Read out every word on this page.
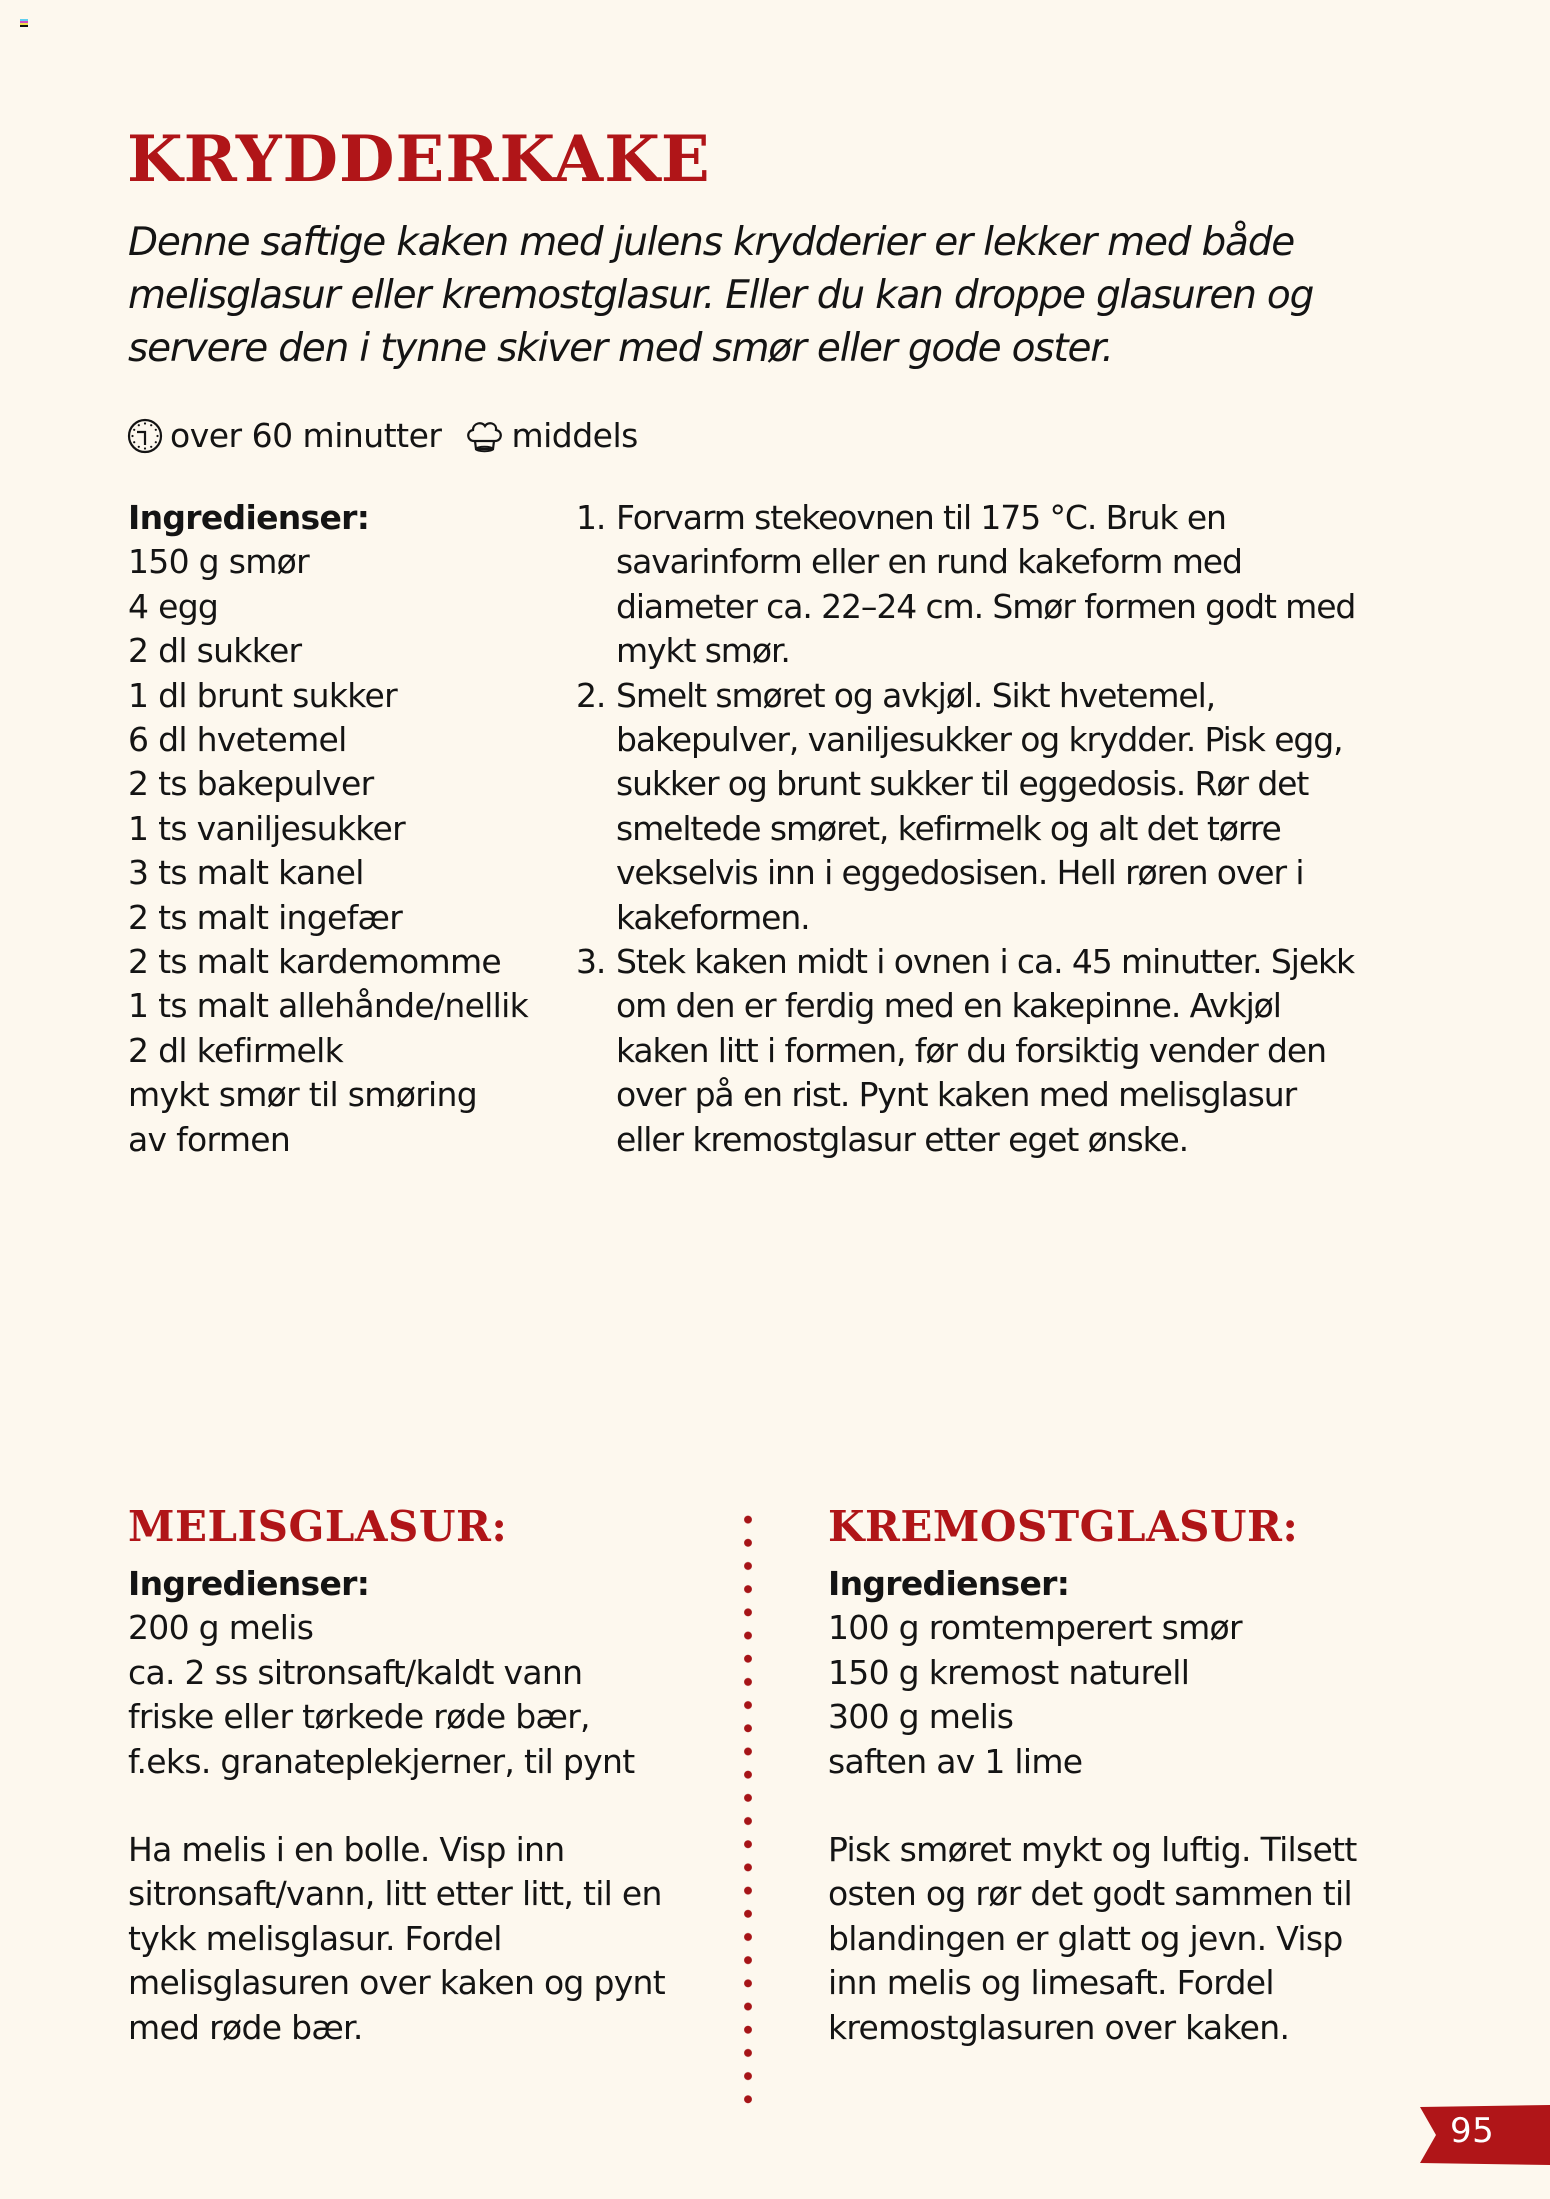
KRYDDERKAKE

Denne saftige kaken med julens krydderier er lekker med både melisglasur eller kremostglasur. Eller du kan droppe glasuren og servere den i tynne skiver med smør eller gode oster.

over 60 minutter middels
Ingredienser:
150 g smør
4 egg
2 dl sukker
1 dl brunt sukker
6 dl hvetemel
2 ts bakepulver
1 ts vaniljesukker
3 ts malt kanel
2 ts malt ingefær
2 ts malt kardemomme
1 ts malt allehånde/nellik
2 dl kefirmelk
mykt smør til smøring
av formen
1. Forvarm stekeovnen til 175 °C. Bruk en savarinform eller en rund kakeform med diameter ca. 22–24 cm. Smør formen godt med mykt smør.
2. Smelt smøret og avkjøl. Sikt hvetemel, bakepulver, vaniljesukker og krydder. Pisk egg, sukker og brunt sukker til eggedosis. Rør det smeltede smøret, kefirmelk og alt det tørre vekselvis inn i eggedosisen. Hell røren over i kakeformen.
3. Stek kaken midt i ovnen i ca. 45 minutter. Sjekk om den er ferdig med en kakepinne. Avkjøl kaken litt i formen, før du forsiktig vender den over på en rist. Pynt kaken med melisglasur eller kremostglasur etter eget ønske.
MELISGLASUR:
Ingredienser:
200 g melis
ca. 2 ss sitronsaft/kaldt vann
friske eller tørkede røde bær,
f.eks. granateplekjerner, til pynt
Ha melis i en bolle. Visp inn sitronsaft/vann, litt etter litt, til en tykk melisglasur. Fordel melisglasuren over kaken og pynt med røde bær.
KREMOSTGLASUR:
Ingredienser:
100 g romtemperert smør
150 g kremost naturell
300 g melis
saften av 1 lime
Pisk smøret mykt og luftig. Tilsett osten og rør det godt sammen til blandingen er glatt og jevn. Visp inn melis og limesaft. Fordel kremostglasuren over kaken.
95
